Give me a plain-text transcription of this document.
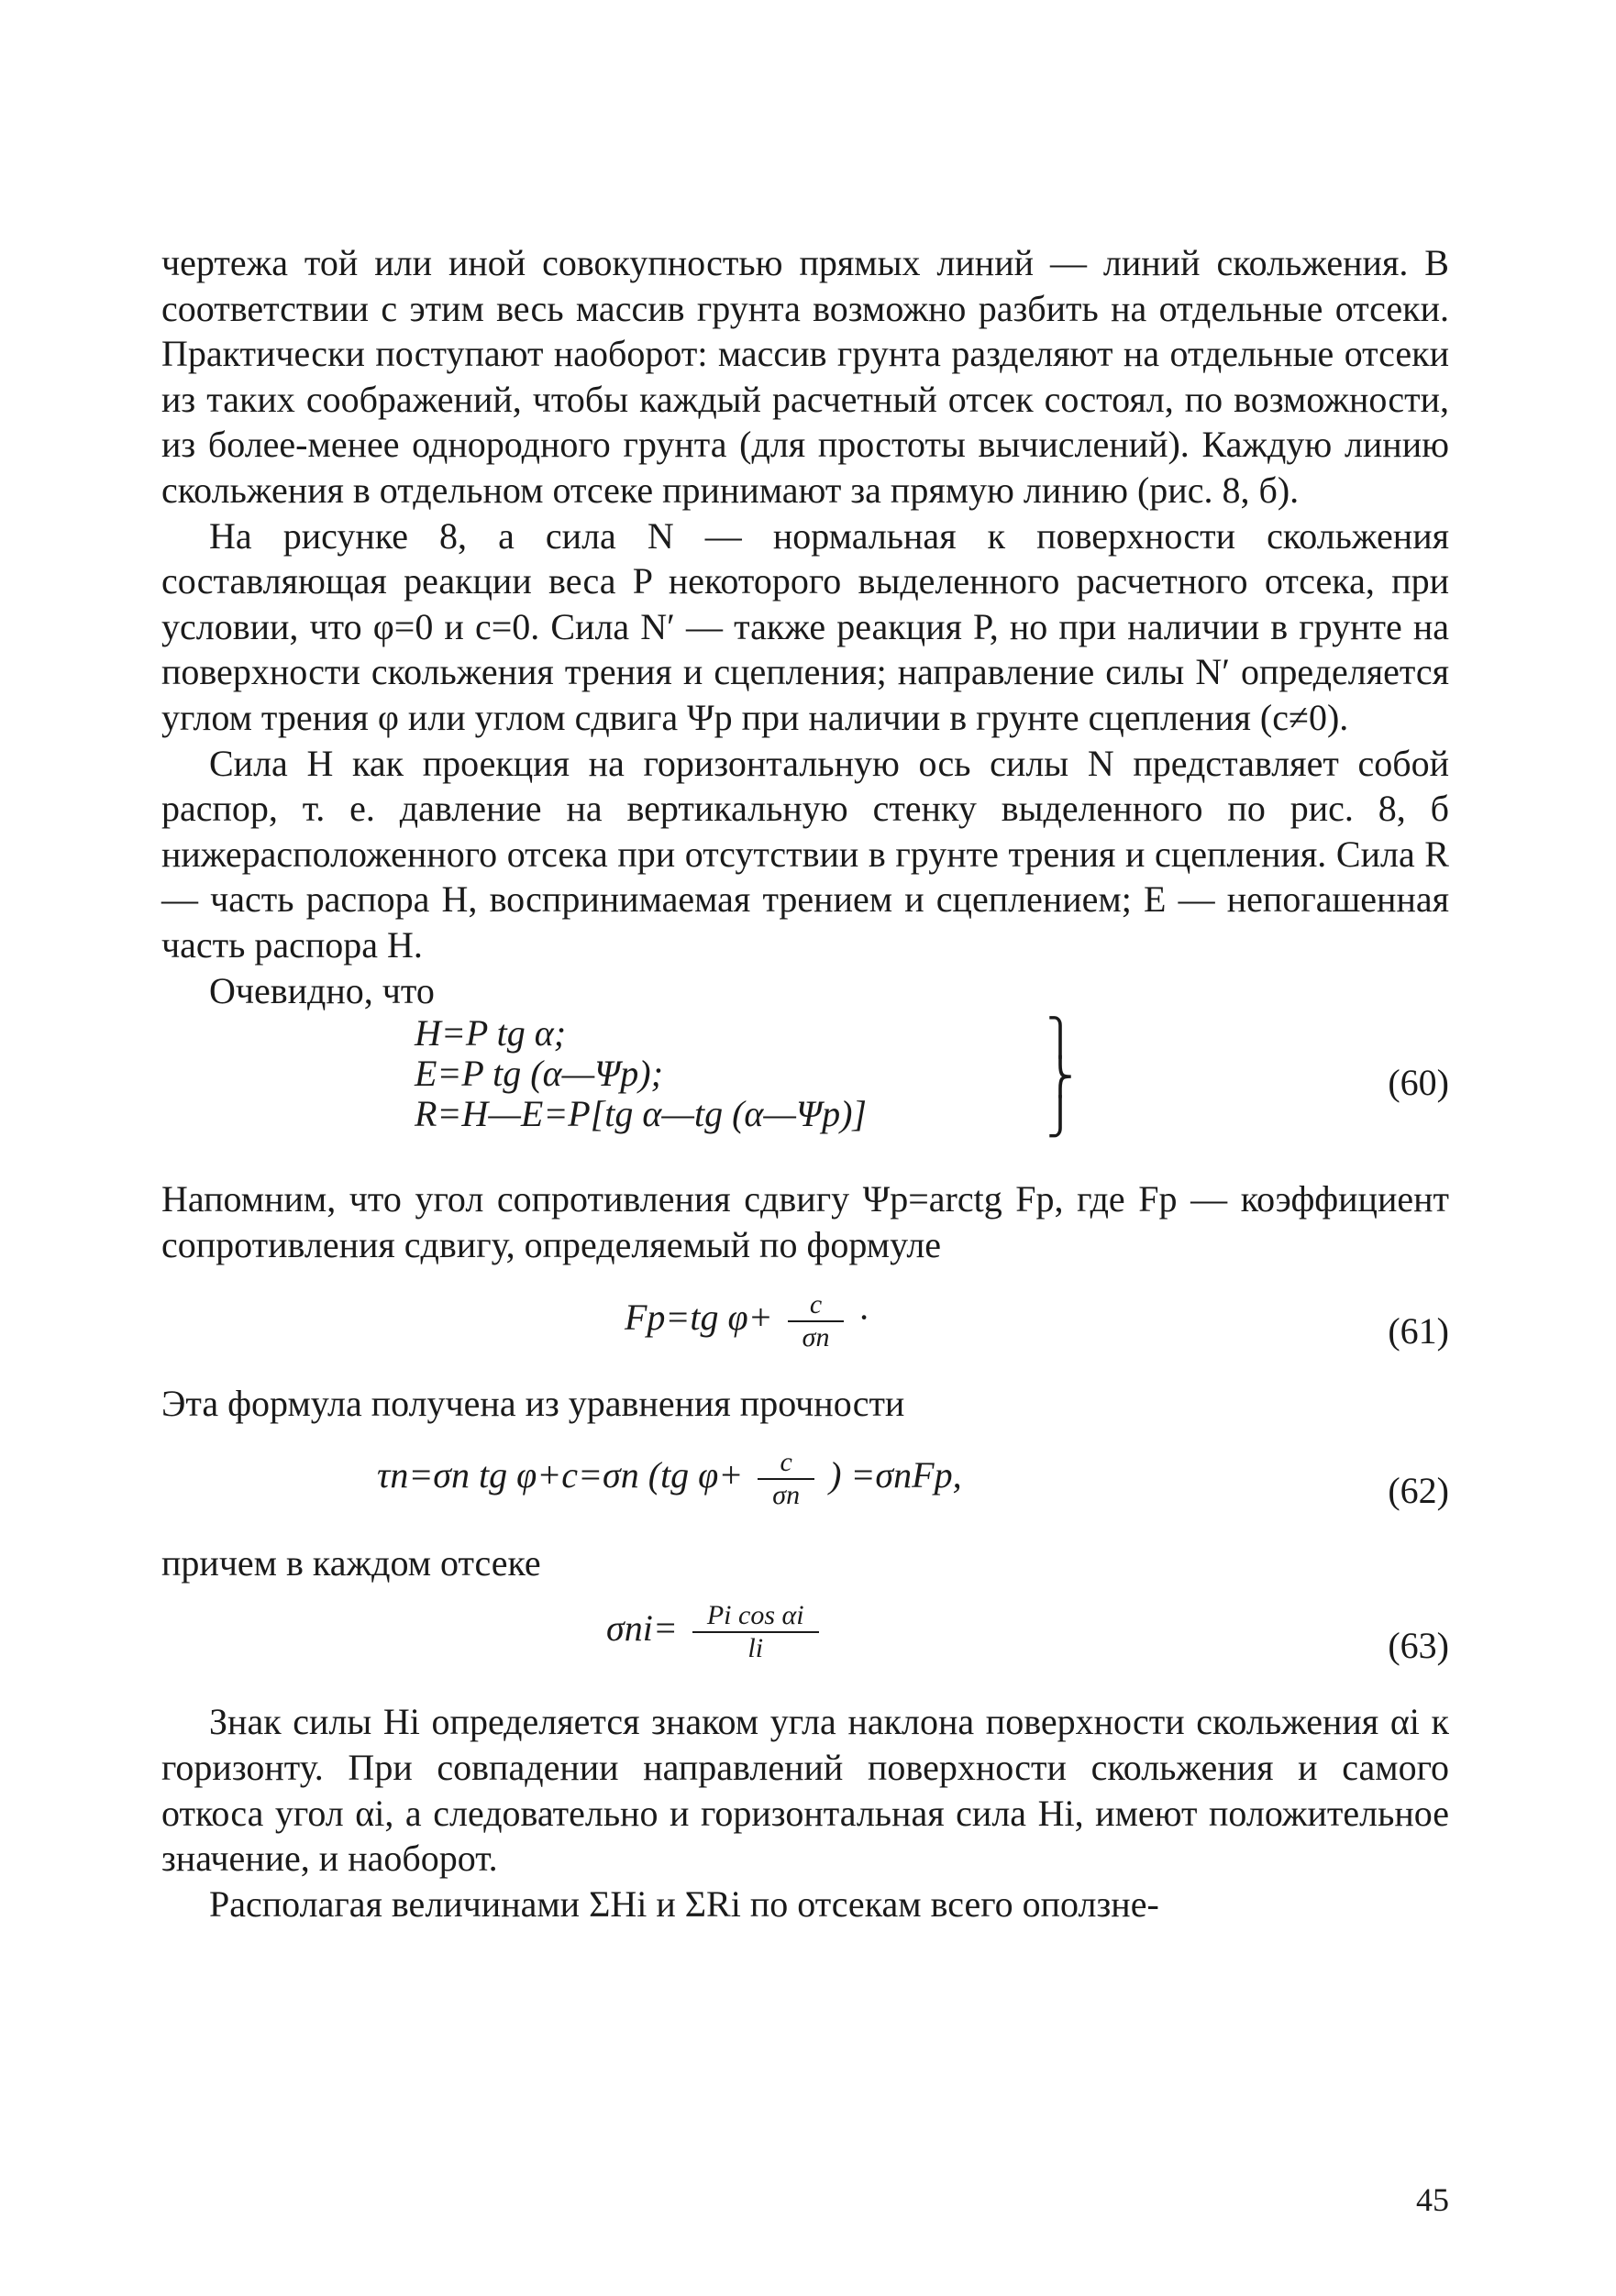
чертежа той или иной совокупностью прямых линий — линий скольжения. В соответствии с этим весь массив грунта возможно разбить на отдельные отсеки. Практически поступают наоборот: массив грунта разделяют на отдельные отсеки из таких соображений, чтобы каждый расчетный отсек состоял, по возможности, из более-менее однородного грунта (для простоты вычислений). Каждую линию скольжения в отдельном отсеке принимают за прямую линию (рис. 8, б).

На рисунке 8, а сила N — нормальная к поверхности скольжения составляющая реакции веса P некоторого выделенного расчетного отсека, при условии, что φ=0 и c=0. Сила N′ — также реакция P, но при наличии в грунте на поверхности скольжения трения и сцепления; направление силы N′ определяется углом трения φ или углом сдвига Ψp при наличии в грунте сцепления (c≠0).

Сила H как проекция на горизонтальную ось силы N представляет собой распор, т. е. давление на вертикальную стенку выделенного по рис. 8, б нижерасположенного отсека при отсутствии в грунте трения и сцепления. Сила R — часть распора H, воспринимаемая трением и сцеплением; E — непогашенная часть распора H.

Очевидно, что

H=P tg α;
E=P tg (α—Ψp);
R=H—E=P[tg α—tg (α—Ψp)]
⎫
⎬
⎭
(60)

Напомним, что угол сопротивления сдвигу Ψp=arctg Fp, где Fp — коэффициент сопротивления сдвигу, определяемый по формуле

Fp=tg $\varphi+ \frac{c}{\sigma n}$ ·	(61)

Эта формула получена из уравнения прочности

τn=σn tg φ+c=σn (tg $\varphi+ \frac{c}{\sigma n}$ ) =σnFp,	(62)

причем в каждом отсеке

$\sigma ni= \frac{\text{Pi cos αi}}{li}$	(63)

Знак силы Hi определяется знаком угла наклона поверхности скольжения αi к горизонту. При совпадении направлений поверхности скольжения и самого откоса угол αi, а следовательно и горизонтальная сила Hi, имеют положительное значение, и наоборот.

Располагая величинами ΣHi и ΣRi по отсекам всего оползне-

45
